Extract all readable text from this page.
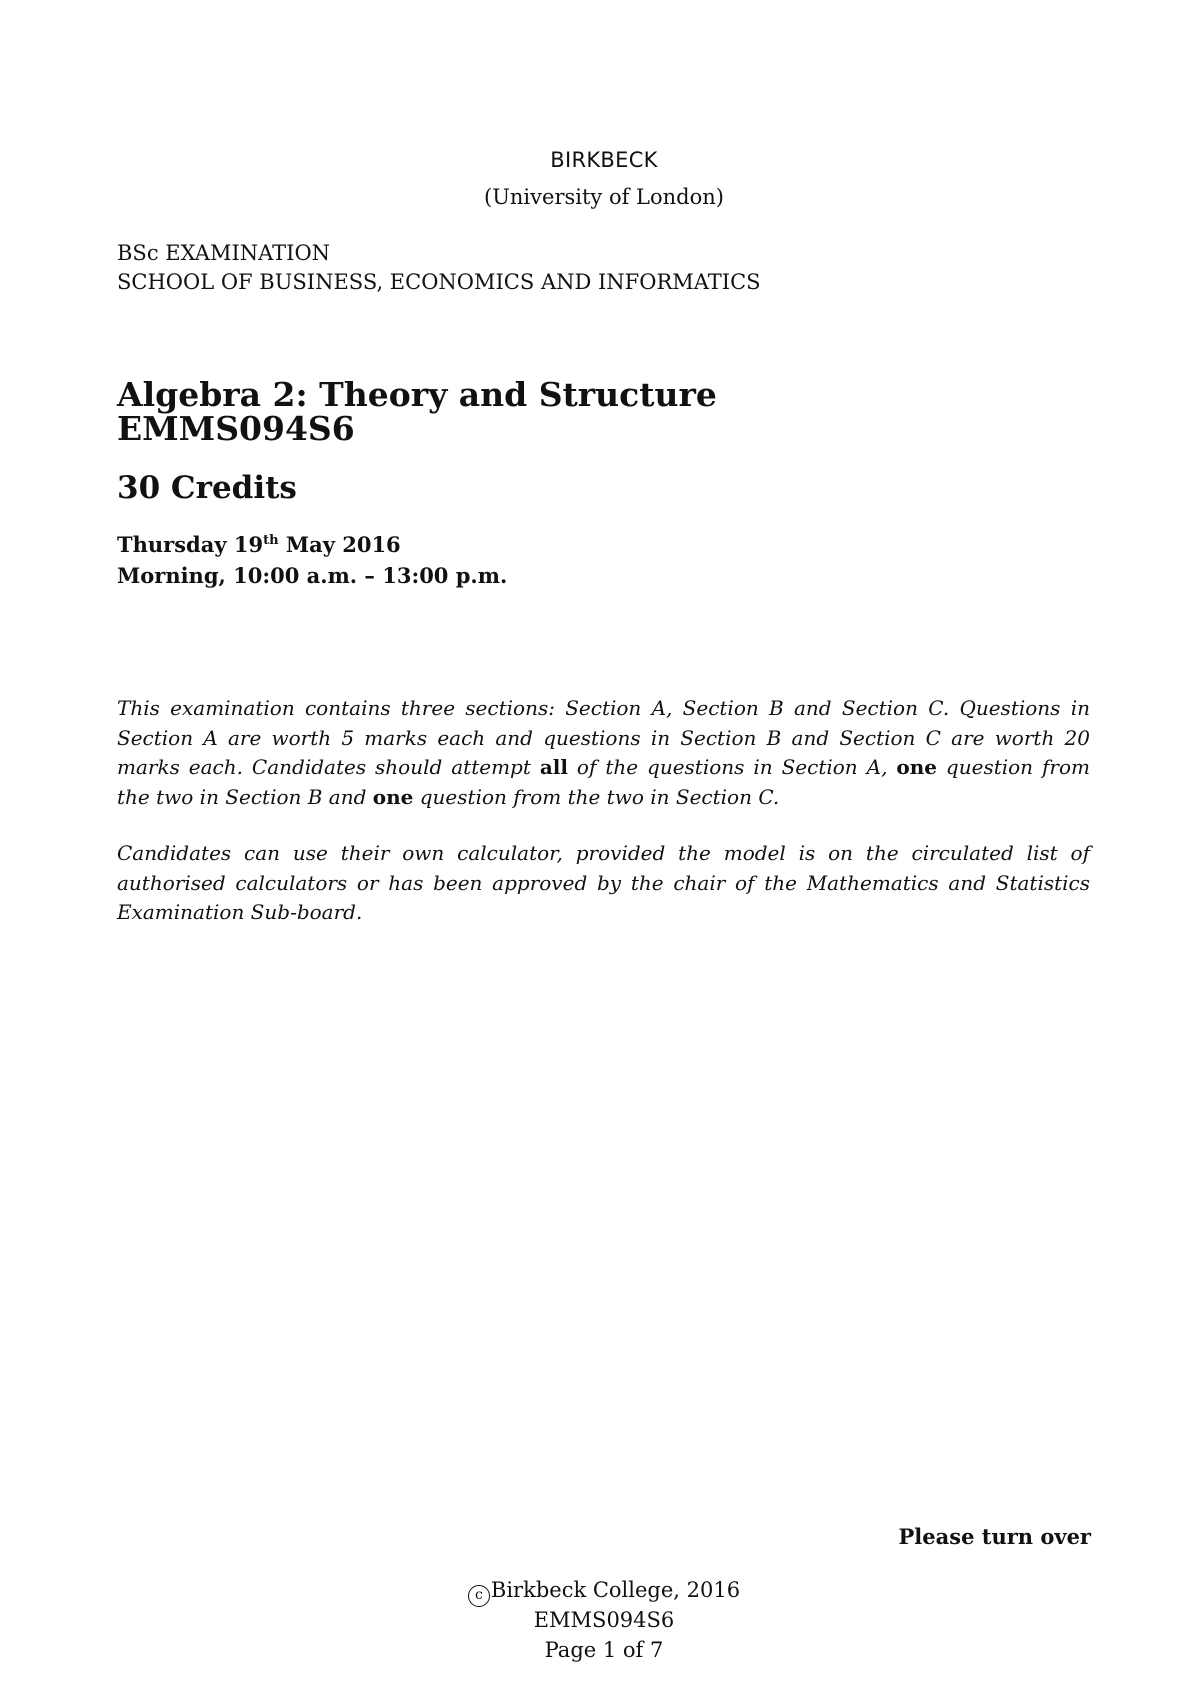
BIRKBECK
(University of London)
BSc EXAMINATION
SCHOOL OF BUSINESS, ECONOMICS AND INFORMATICS
Algebra 2: Theory and Structure
EMMS094S6
30 Credits
Thursday 19th May 2016
Morning, 10:00 a.m. – 13:00 p.m.
This examination contains three sections: Section A, Section B and Section C. Questions in Section A are worth 5 marks each and questions in Section B and Section C are worth 20 marks each. Candidates should attempt all of the questions in Section A, one question from the two in Section B and one question from the two in Section C.
Candidates can use their own calculator, provided the model is on the circulated list of authorised calculators or has been approved by the chair of the Mathematics and Statistics Examination Sub-board.
Please turn over
c Birkbeck College, 2016
EMMS094S6
Page 1 of 7
